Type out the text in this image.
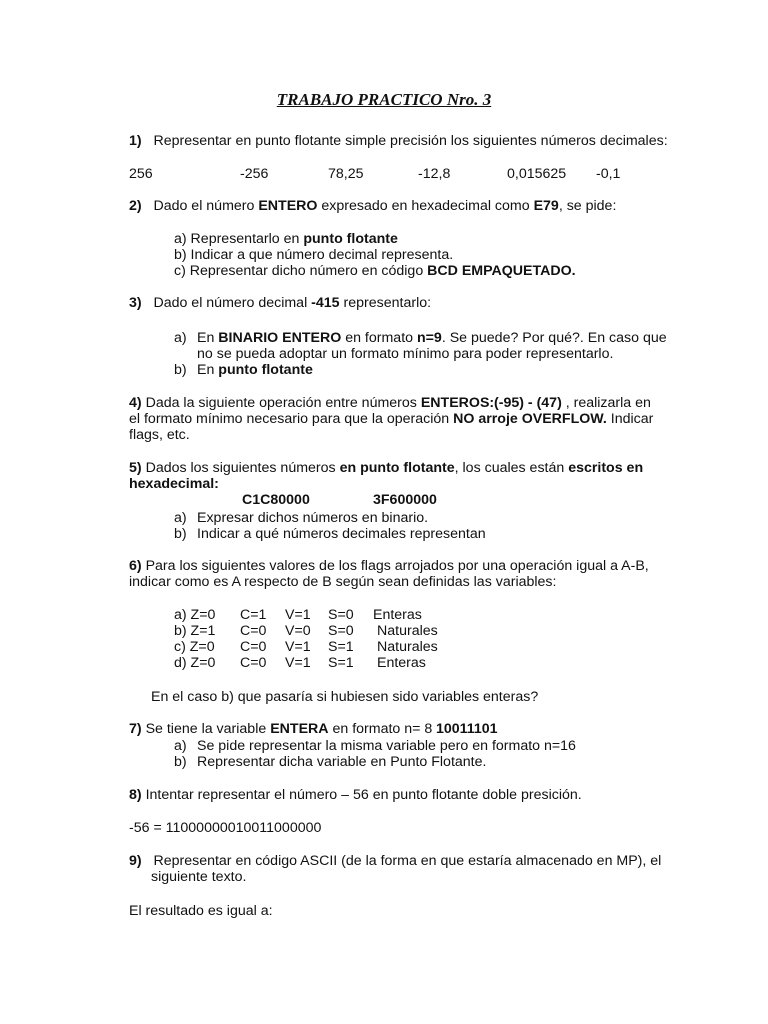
TRABAJO PRACTICO Nro. 3
1) Representar en punto flotante simple precisión los siguientes números decimales:
256	-256	78,25	-12,8	0,015625 -0,1
2) Dado el número ENTERO expresado en hexadecimal como E79, se pide:
a) Representarlo en punto flotante
b) Indicar a que número decimal representa.
c) Representar dicho número en código BCD EMPAQUETADO.
3) Dado el número decimal -415 representarlo:
a) En BINARIO ENTERO en formato n=9. Se puede? Por qué?. En caso que
no se pueda adoptar un formato mínimo para poder representarlo.
b) En punto flotante
4) Dada la siguiente operación entre números ENTEROS: (-95) - (47) , realizarla en
el formato mínimo necesario para que la operación NO arroje OVERFLOW. Indicar
flags, etc.
5) Dados los siguientes números en punto flotante, los cuales están escritos en
hexadecimal:
C1C80000	3F600000
a) Expresar dichos números en binario.
b) Indicar a qué números decimales representan
6) Para los siguientes valores de los flags arrojados por una operación igual a A-B,
indicar como es A respecto de B según sean definidas las variables:
a) Z=0 C=1 V=1 S=0 Enteras
b) Z=1 C=0 V=0 S=0 Naturales
c) Z=0 C=0 V=1 S=1 Naturales
d) Z=0 C=0 V=1 S=1 Enteras
En el caso b) que pasaría si hubiesen sido variables enteras?
7) Se tiene la variable ENTERA en formato n= 8 10011101
a) Se pide representar la misma variable pero en formato n=16
b) Representar dicha variable en Punto Flotante.
8) Intentar representar el número – 56 en punto flotante doble presición.
-56 = 11000000010011000000
9) Representar en código ASCII (de la forma en que estaría almacenado en MP), el
siguiente texto.
El resultado es igual a:
